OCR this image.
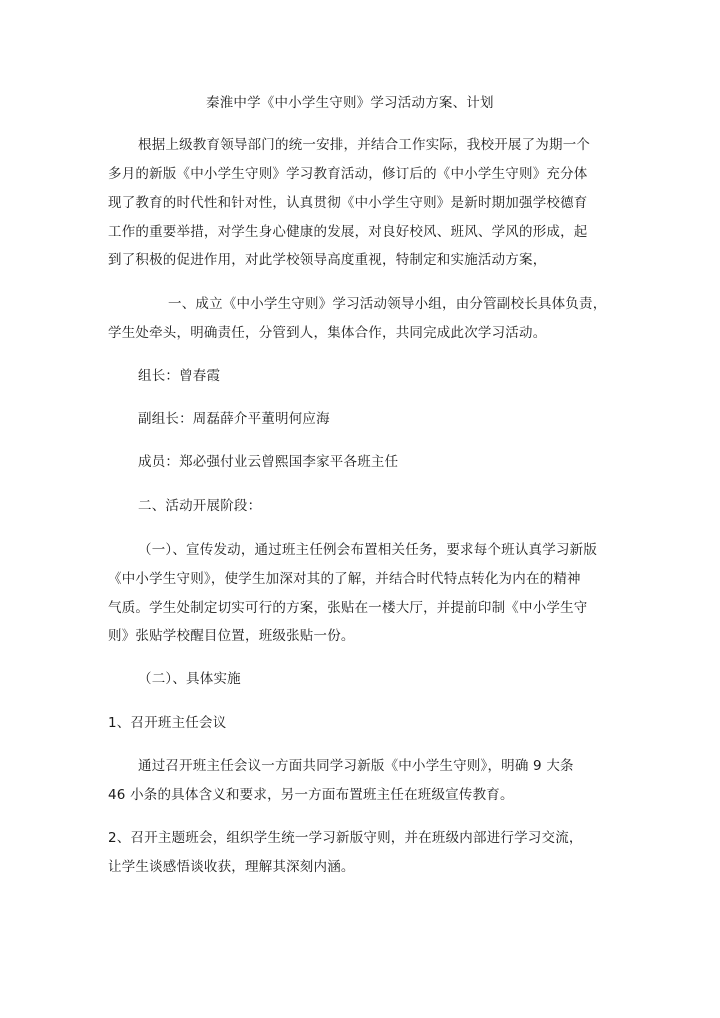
秦淮中学《中小学生守则》学习活动方案、计划
根据上级教育领导部门的统一安排，并结合工作实际，我校开展了为期一个
多月的新版《中小学生守则》学习教育活动，修订后的《中小学生守则》充分体
现了教育的时代性和针对性，认真贯彻《中小学生守则》是新时期加强学校德育
工作的重要举措，对学生身心健康的发展，对良好校风、班风、学风的形成，起
到了积极的促进作用，对此学校领导高度重视，特制定和实施活动方案，
一、成立《中小学生守则》学习活动领导小组，由分管副校长具体负责，
学生处牵头，明确责任，分管到人，集体合作，共同完成此次学习活动。
组长：曾春霞
副组长：周磊薛介平董明何应海
成员：郑必强付业云曾熙国李家平各班主任
二、活动开展阶段：
（一）、宣传发动，通过班主任例会布置相关任务，要求每个班认真学习新版
《中小学生守则》，使学生加深对其的了解，并结合时代特点转化为内在的精神
气质。学生处制定切实可行的方案，张贴在一楼大厅，并提前印制《中小学生守
则》张贴学校醒目位置，班级张贴一份。
（二）、具体实施
1、召开班主任会议
通过召开班主任会议一方面共同学习新版《中小学生守则》，明确 9 大条
46 小条的具体含义和要求，另一方面布置班主任在班级宣传教育。
2、召开主题班会，组织学生统一学习新版守则，并在班级内部进行学习交流，
让学生谈感悟谈收获，理解其深刻内涵。
